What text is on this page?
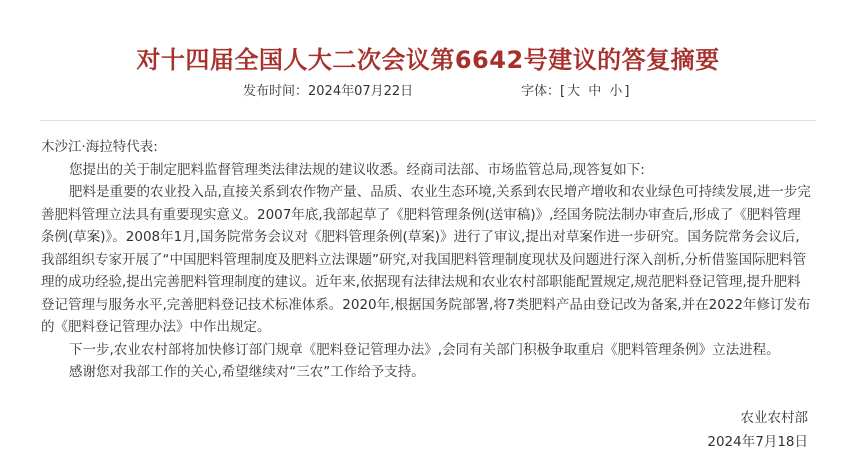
对十四届全国人大二次会议第6642号建议的答复摘要
发布时间：2024年07月22日	字体：[ 大 中 小 ]

木沙江·海拉特代表:

您提出的关于制定肥料监督管理类法律法规的建议收悉。经商司法部、市场监管总局,现答复如下:

肥料是重要的农业投入品,直接关系到农作物产量、品质、农业生态环境,关系到农民增产增收和农业绿色可持续发展,进一步完善肥料管理立法具有重要现实意义。2007年底,我部起草了《肥料管理条例(送审稿)》,经国务院法制办审查后,形成了《肥料管理条例(草案)》。2008年1月,国务院常务会议对《肥料管理条例(草案)》进行了审议,提出对草案作进一步研究。国务院常务会议后,我部组织专家开展了“中国肥料管理制度及肥料立法课题”研究,对我国肥料管理制度现状及问题进行深入剖析,分析借鉴国际肥料管理的成功经验,提出完善肥料管理制度的建议。近年来,依据现有法律法规和农业农村部职能配置规定,规范肥料登记管理,提升肥料登记管理与服务水平,完善肥料登记技术标准体系。2020年,根据国务院部署,将7类肥料产品由登记改为备案,并在2022年修订发布的《肥料登记管理办法》中作出规定。

下一步,农业农村部将加快修订部门规章《肥料登记管理办法》,会同有关部门积极争取重启《肥料管理条例》立法进程。

感谢您对我部工作的关心,希望继续对“三农”工作给予支持。

农业农村部
2024年7月18日
